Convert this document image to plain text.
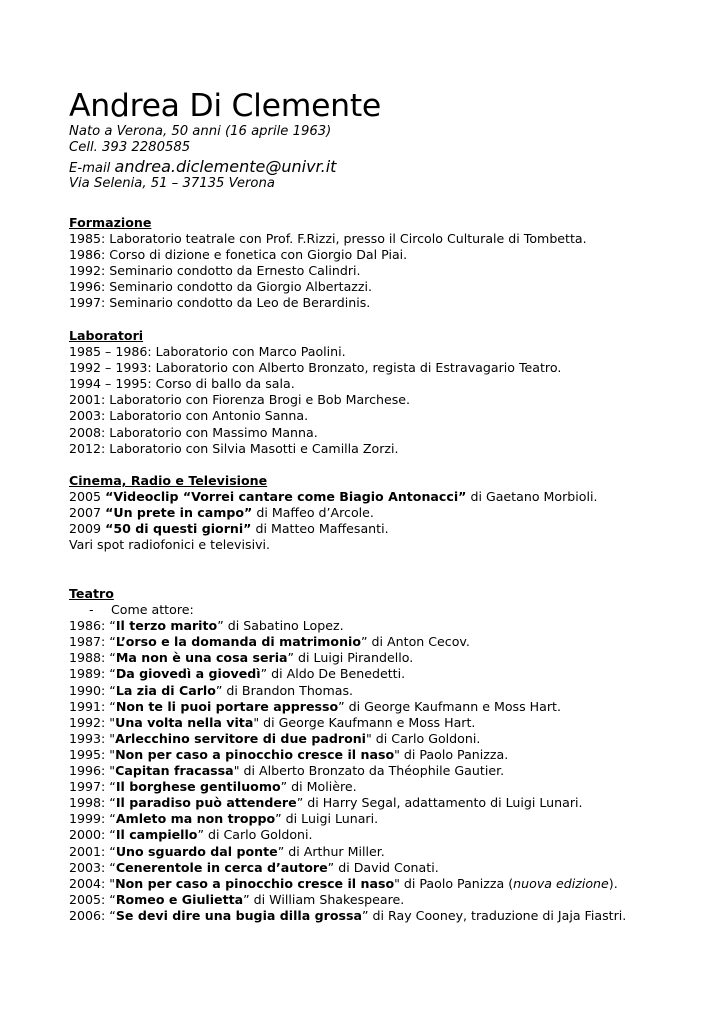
Andrea Di Clemente
Nato a Verona, 50 anni (16 aprile 1963)
Cell. 393 2280585
E-mail andrea.diclemente@univr.it
Via Selenia, 51 – 37135 Verona
Formazione
1985: Laboratorio teatrale con Prof. F.Rizzi, presso il Circolo Culturale di Tombetta.
1986: Corso di dizione e fonetica con Giorgio Dal Piai.
1992: Seminario condotto da Ernesto Calindri.
1996: Seminario condotto da Giorgio Albertazzi.
1997: Seminario condotto da Leo de Berardinis.
Laboratori
1985 – 1986: Laboratorio con Marco Paolini.
1992 – 1993: Laboratorio con Alberto Bronzato, regista di Estravagario Teatro.
1994 – 1995: Corso di ballo da sala.
2001: Laboratorio con Fiorenza Brogi e Bob Marchese.
2003: Laboratorio con Antonio Sanna.
2008: Laboratorio con Massimo Manna.
2012: Laboratorio con Silvia Masotti e Camilla Zorzi.
Cinema, Radio e Televisione
2005 “Videoclip “Vorrei cantare come Biagio Antonacci” di Gaetano Morbioli.
2007 “Un prete in campo” di Maffeo d’Arcole.
2009 “50 di questi giorni” di Matteo Maffesanti.
Vari spot radiofonici e televisivi.
Teatro
- Come attore:
1986: “Il terzo marito” di Sabatino Lopez.
1987: “L’orso e la domanda di matrimonio” di Anton Cecov.
1988: “Ma non è una cosa seria” di Luigi Pirandello.
1989: “Da giovedì a giovedì” di Aldo De Benedetti.
1990: “La zia di Carlo” di Brandon Thomas.
1991: “Non te li puoi portare appresso” di George Kaufmann e Moss Hart.
1992: "Una volta nella vita" di George Kaufmann e Moss Hart.
1993: "Arlecchino servitore di due padroni" di Carlo Goldoni.
1995: "Non per caso a pinocchio cresce il naso" di Paolo Panizza.
1996: "Capitan fracassa" di Alberto Bronzato da Théophile Gautier.
1997: “Il borghese gentiluomo” di Molière.
1998: “Il paradiso può attendere” di Harry Segal, adattamento di Luigi Lunari.
1999: “Amleto ma non troppo” di Luigi Lunari.
2000: “Il campiello” di Carlo Goldoni.
2001: “Uno sguardo dal ponte” di Arthur Miller.
2003: “Cenerentole in cerca d’autore” di David Conati.
2004: "Non per caso a pinocchio cresce il naso" di Paolo Panizza (nuova edizione).
2005: “Romeo e Giulietta” di William Shakespeare.
2006: “Se devi dire una bugia dilla grossa” di Ray Cooney, traduzione di Jaja Fiastri.
